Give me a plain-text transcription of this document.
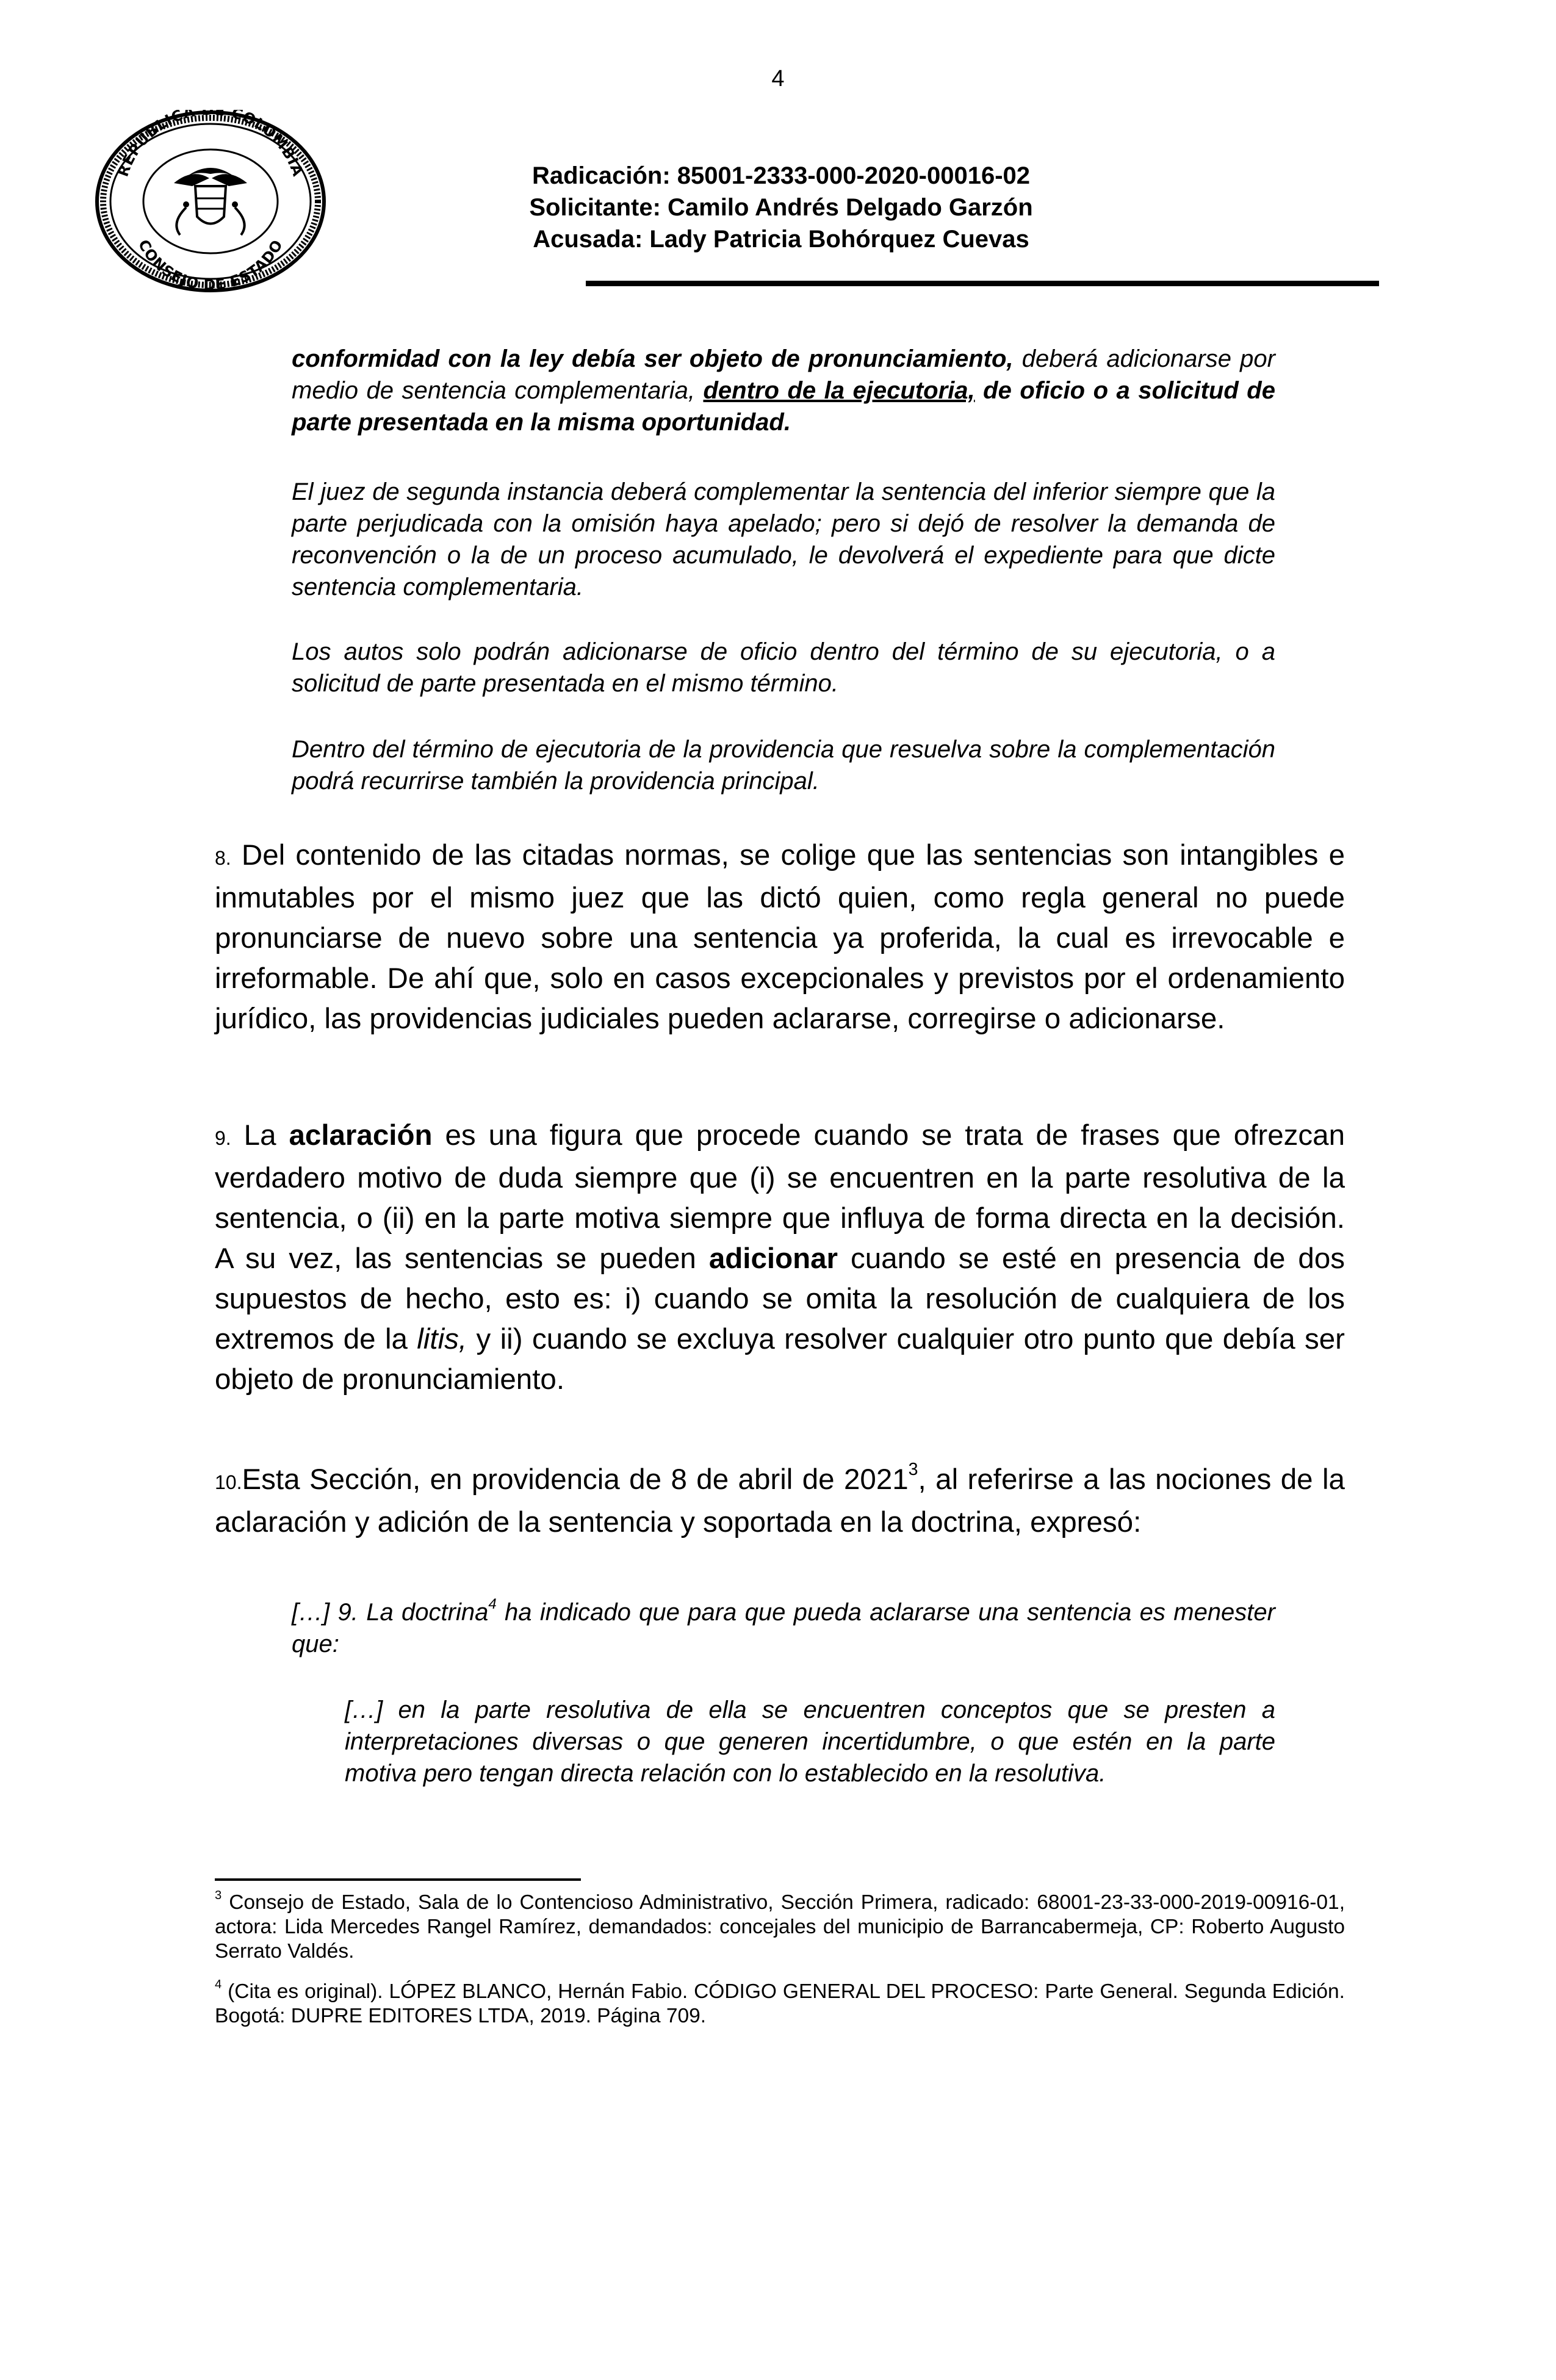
4
REPÚBLICA DE COLOMBIA
CONSEJO DE ESTADO
Radicación: 85001-2333-000-2020-00016-02
Solicitante: Camilo Andrés Delgado Garzón
Acusada: Lady Patricia Bohórquez Cuevas

conformidad con la ley debía ser objeto de pronunciamiento, deberá adicionarse por medio de sentencia complementaria, dentro de la ejecutoria, de oficio o a solicitud de parte presentada en la misma oportunidad.

El juez de segunda instancia deberá complementar la sentencia del inferior siempre que la parte perjudicada con la omisión haya apelado; pero si dejó de resolver la demanda de reconvención o la de un proceso acumulado, le devolverá el expediente para que dicte sentencia complementaria.

Los autos solo podrán adicionarse de oficio dentro del término de su ejecutoria, o a solicitud de parte presentada en el mismo término.

Dentro del término de ejecutoria de la providencia que resuelva sobre la complementación podrá recurrirse también la providencia principal.

8. Del contenido de las citadas normas, se colige que las sentencias son intangibles e inmutables por el mismo juez que las dictó quien, como regla general no puede pronunciarse de nuevo sobre una sentencia ya proferida, la cual es irrevocable e irreformable. De ahí que, solo en casos excepcionales y previstos por el ordenamiento jurídico, las providencias judiciales pueden aclararse, corregirse o adicionarse.

9. La aclaración es una figura que procede cuando se trata de frases que ofrezcan verdadero motivo de duda siempre que (i) se encuentren en la parte resolutiva de la sentencia, o (ii) en la parte motiva siempre que influya de forma directa en la decisión. A su vez, las sentencias se pueden adicionar cuando se esté en presencia de dos supuestos de hecho, esto es: i) cuando se omita la resolución de cualquiera de los extremos de la litis, y ii) cuando se excluya resolver cualquier otro punto que debía ser objeto de pronunciamiento.

10.Esta Sección, en providencia de 8 de abril de 2021$^3$, al referirse a las nociones de la aclaración y adición de la sentencia y soportada en la doctrina, expresó:

[…] 9. La doctrina$^4$ ha indicado que para que pueda aclararse una sentencia es menester que:

[…] en la parte resolutiva de ella se encuentren conceptos que se presten a interpretaciones diversas o que generen incertidumbre, o que estén en la parte motiva pero tengan directa relación con lo establecido en la resolutiva.

$^3$ Consejo de Estado, Sala de lo Contencioso Administrativo, Sección Primera, radicado: 68001-23-33-000-2019-00916-01, actora: Lida Mercedes Rangel Ramírez, demandados: concejales del municipio de Barrancabermeja, CP: Roberto Augusto Serrato Valdés.
$^4$ (Cita es original). LÓPEZ BLANCO, Hernán Fabio. CÓDIGO GENERAL DEL PROCESO: Parte General. Segunda Edición. Bogotá: DUPRE EDITORES LTDA, 2019. Página 709.
